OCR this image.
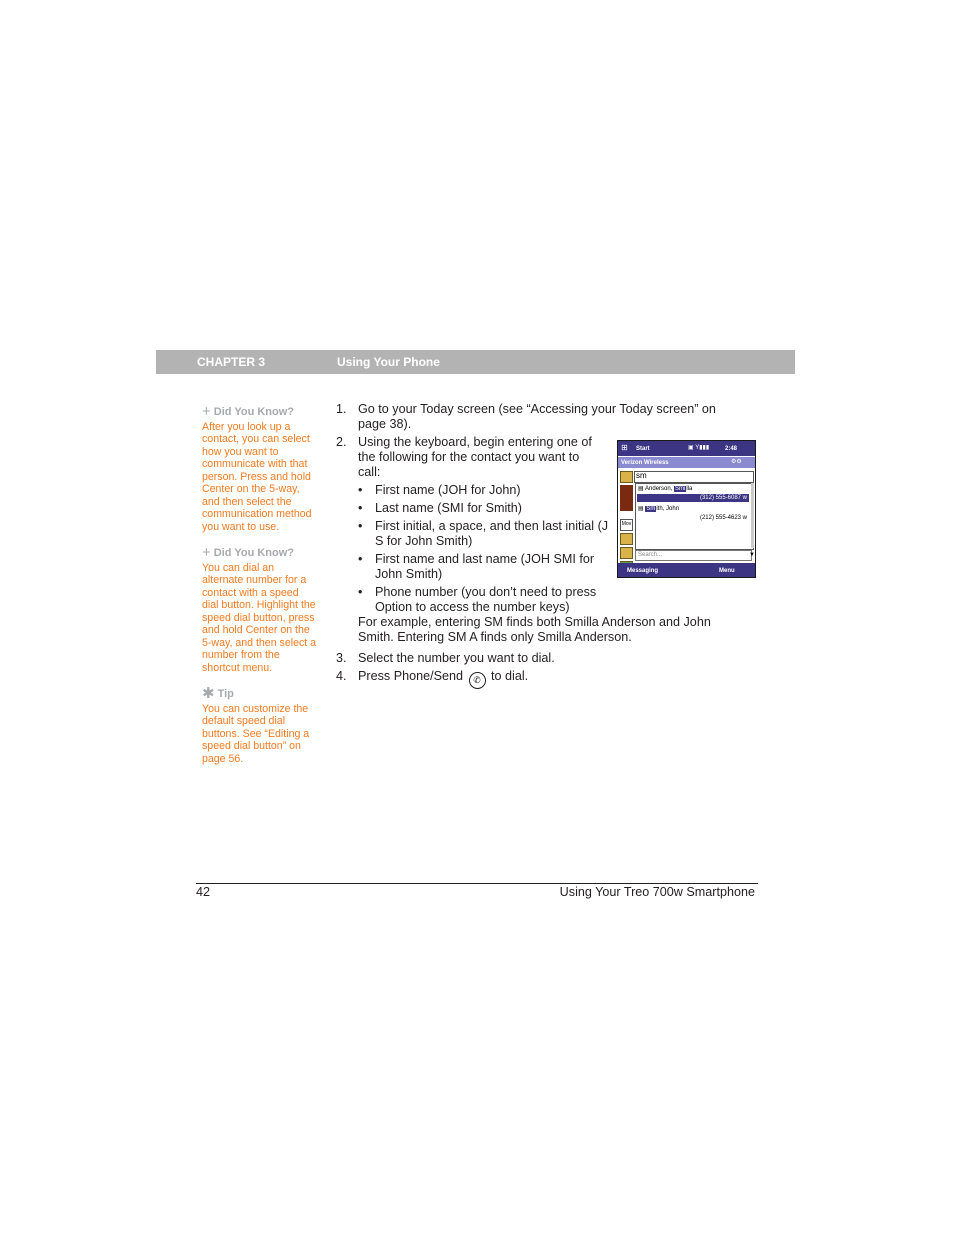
CHAPTER 3	Using Your Phone
+ Did You Know?
After you look up a contact, you can select how you want to communicate with that person. Press and hold Center on the 5-way, and then select the communication method you want to use.
+ Did You Know?
You can dial an alternate number for a contact with a speed dial button. Highlight the speed dial button, press and hold Center on the 5-way, and then select a number from the shortcut menu.
✱ Tip
You can customize the default speed dial buttons. See “Editing a speed dial button” on page 56.
1. Go to your Today screen (see “Accessing your Today screen” on page 38).
2. Using the keyboard, begin entering one of the following for the contact you want to call:
• First name (JOH for John)
• Last name (SMI for Smith)
• First initial, a space, and then last initial (J S for John Smith)
• First name and last name (JOH SMI for John Smith)
• Phone number (you don’t need to press Option to access the number keys)
For example, entering SM finds both Smilla Anderson and John Smith. Entering SM A finds only Smilla Anderson.
3. Select the number you want to dial.
4. Press Phone/Send ✆ to dial.
⊞ Start	▣ Y▮▮▮	2:48
Verizon Wireless	⚙⚙
Mov
sm
▤ Anderson, Smilla
(312) 555-6087 w
▤ Smith, John
(212) 555-4623 w
Search...	▼
Messaging	Menu
42	Using Your Treo 700w Smartphone
